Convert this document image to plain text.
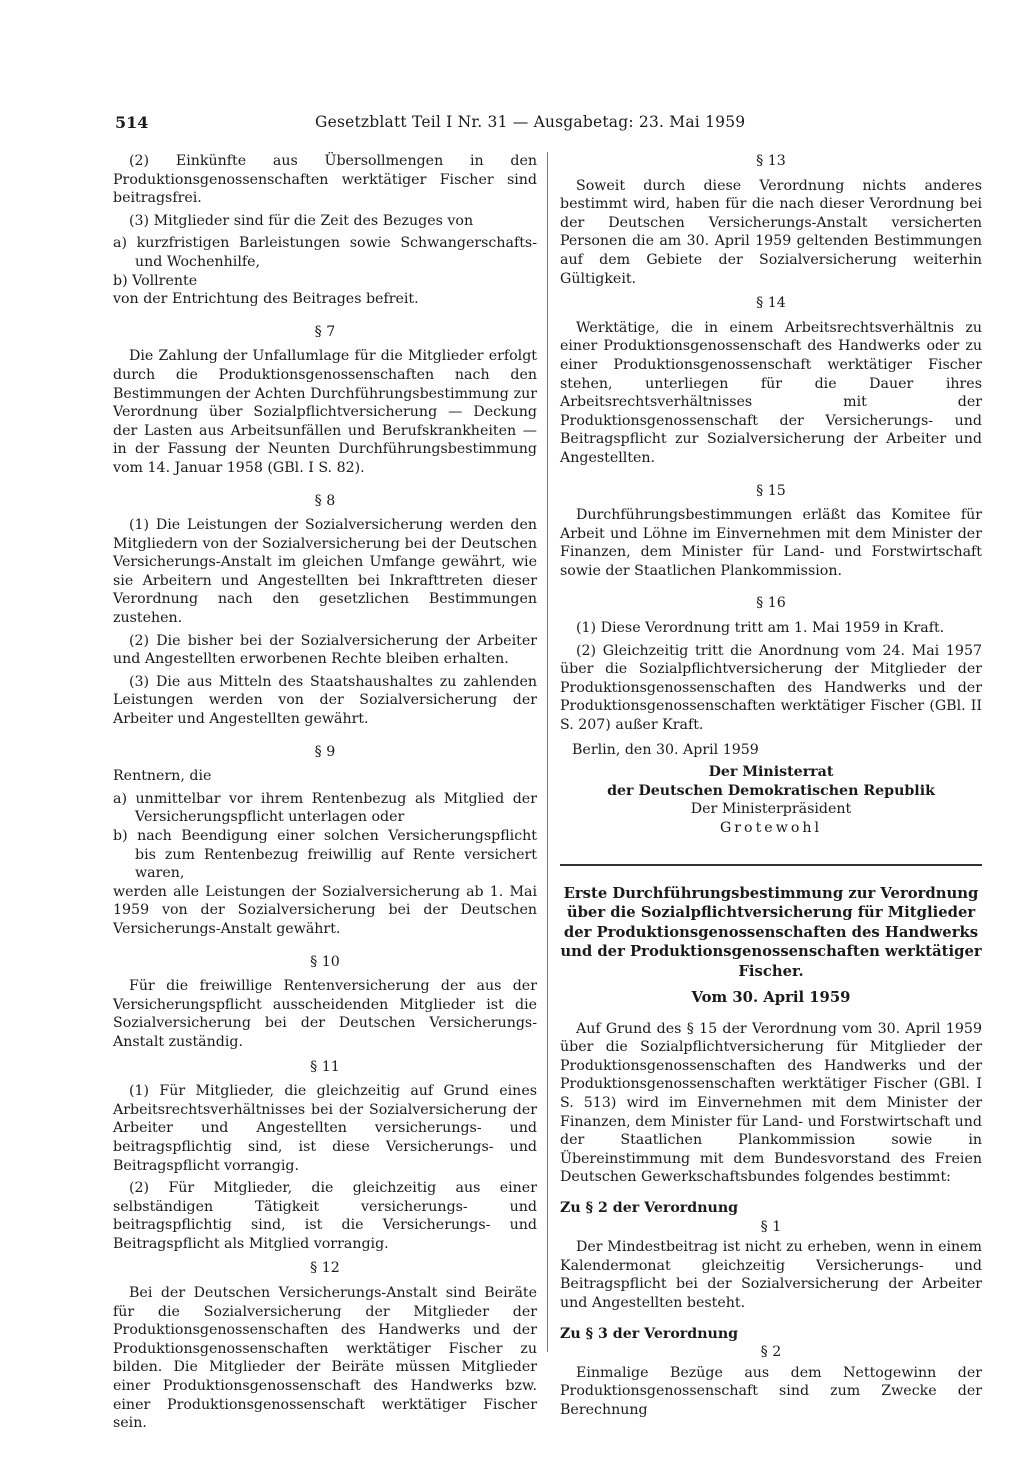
514	Gesetzblatt Teil I Nr. 31 — Ausgabetag: 23. Mai 1959

(2) Einkünfte aus Übersollmengen in den Produktionsgenossenschaften werktätiger Fischer sind beitragsfrei.

(3) Mitglieder sind für die Zeit des Bezuges von

a) kurzfristigen Barleistungen sowie Schwangerschafts- und Wochenhilfe,

b) Vollrente

von der Entrichtung des Beitrages befreit.

§ 7

Die Zahlung der Unfallumlage für die Mitglieder erfolgt durch die Produktionsgenossenschaften nach den Bestimmungen der Achten Durchführungsbestimmung zur Verordnung über Sozialpflichtversicherung — Deckung der Lasten aus Arbeitsunfällen und Berufskrankheiten — in der Fassung der Neunten Durchführungsbestimmung vom 14. Januar 1958 (GBl. I S. 82).

§ 8

(1) Die Leistungen der Sozialversicherung werden den Mitgliedern von der Sozialversicherung bei der Deutschen Versicherungs-Anstalt im gleichen Umfange gewährt, wie sie Arbeitern und Angestellten bei Inkrafttreten dieser Verordnung nach den gesetzlichen Bestimmungen zustehen.

(2) Die bisher bei der Sozialversicherung der Arbeiter und Angestellten erworbenen Rechte bleiben erhalten.

(3) Die aus Mitteln des Staatshaushaltes zu zahlenden Leistungen werden von der Sozialversicherung der Arbeiter und Angestellten gewährt.

§ 9

Rentnern, die

a) unmittelbar vor ihrem Rentenbezug als Mitglied der Versicherungspflicht unterlagen oder

b) nach Beendigung einer solchen Versicherungspflicht bis zum Rentenbezug freiwillig auf Rente versichert waren,

werden alle Leistungen der Sozialversicherung ab 1. Mai 1959 von der Sozialversicherung bei der Deutschen Versicherungs-Anstalt gewährt.

§ 10

Für die freiwillige Rentenversicherung der aus der Versicherungspflicht ausscheidenden Mitglieder ist die Sozialversicherung bei der Deutschen Versicherungs-Anstalt zuständig.

§ 11

(1) Für Mitglieder, die gleichzeitig auf Grund eines Arbeitsrechtsverhältnisses bei der Sozialversicherung der Arbeiter und Angestellten versicherungs- und beitragspflichtig sind, ist diese Versicherungs- und Beitragspflicht vorrangig.

(2) Für Mitglieder, die gleichzeitig aus einer selbständigen Tätigkeit versicherungs- und beitragspflichtig sind, ist die Versicherungs- und Beitragspflicht als Mitglied vorrangig.

§ 12

Bei der Deutschen Versicherungs-Anstalt sind Beiräte für die Sozialversicherung der Mitglieder der Produktionsgenossenschaften des Handwerks und der Produktionsgenossenschaften werktätiger Fischer zu bilden. Die Mitglieder der Beiräte müssen Mitglieder einer Produktionsgenossenschaft des Handwerks bzw. einer Produktionsgenossenschaft werktätiger Fischer sein.

§ 13

Soweit durch diese Verordnung nichts anderes bestimmt wird, haben für die nach dieser Verordnung bei der Deutschen Versicherungs-Anstalt versicherten Personen die am 30. April 1959 geltenden Bestimmungen auf dem Gebiete der Sozialversicherung weiterhin Gültigkeit.

§ 14

Werktätige, die in einem Arbeitsrechtsverhältnis zu einer Produktionsgenossenschaft des Handwerks oder zu einer Produktionsgenossenschaft werktätiger Fischer stehen, unterliegen für die Dauer ihres Arbeitsrechtsverhältnisses mit der Produktionsgenossenschaft der Versicherungs- und Beitragspflicht zur Sozialversicherung der Arbeiter und Angestellten.

§ 15

Durchführungsbestimmungen erläßt das Komitee für Arbeit und Löhne im Einvernehmen mit dem Minister der Finanzen, dem Minister für Land- und Forstwirtschaft sowie der Staatlichen Plankommission.

§ 16

(1) Diese Verordnung tritt am 1. Mai 1959 in Kraft.

(2) Gleichzeitig tritt die Anordnung vom 24. Mai 1957 über die Sozialpflichtversicherung der Mitglieder der Produktionsgenossenschaften des Handwerks und der Produktionsgenossenschaften werktätiger Fischer (GBl. II S. 207) außer Kraft.

Berlin, den 30. April 1959

Der Ministerrat

der Deutschen Demokratischen Republik

Der Ministerpräsident

Grotewohl

Erste Durchführungsbestimmung zur Verordnung über die Sozialpflichtversicherung für Mitglieder der Produktionsgenossenschaften des Handwerks und der Produktionsgenossenschaften werktätiger Fischer.

Vom 30. April 1959

Auf Grund des § 15 der Verordnung vom 30. April 1959 über die Sozialpflichtversicherung für Mitglieder der Produktionsgenossenschaften des Handwerks und der Produktionsgenossenschaften werktätiger Fischer (GBl. I S. 513) wird im Einvernehmen mit dem Minister der Finanzen, dem Minister für Land- und Forstwirtschaft und der Staatlichen Plankommission sowie in Übereinstimmung mit dem Bundesvorstand des Freien Deutschen Gewerkschaftsbundes folgendes bestimmt:

Zu § 2 der Verordnung

§ 1

Der Mindestbeitrag ist nicht zu erheben, wenn in einem Kalendermonat gleichzeitig Versicherungs- und Beitragspflicht bei der Sozialversicherung der Arbeiter und Angestellten besteht.

Zu § 3 der Verordnung

§ 2

Einmalige Bezüge aus dem Nettogewinn der Produktionsgenossenschaft sind zum Zwecke der Berechnung
